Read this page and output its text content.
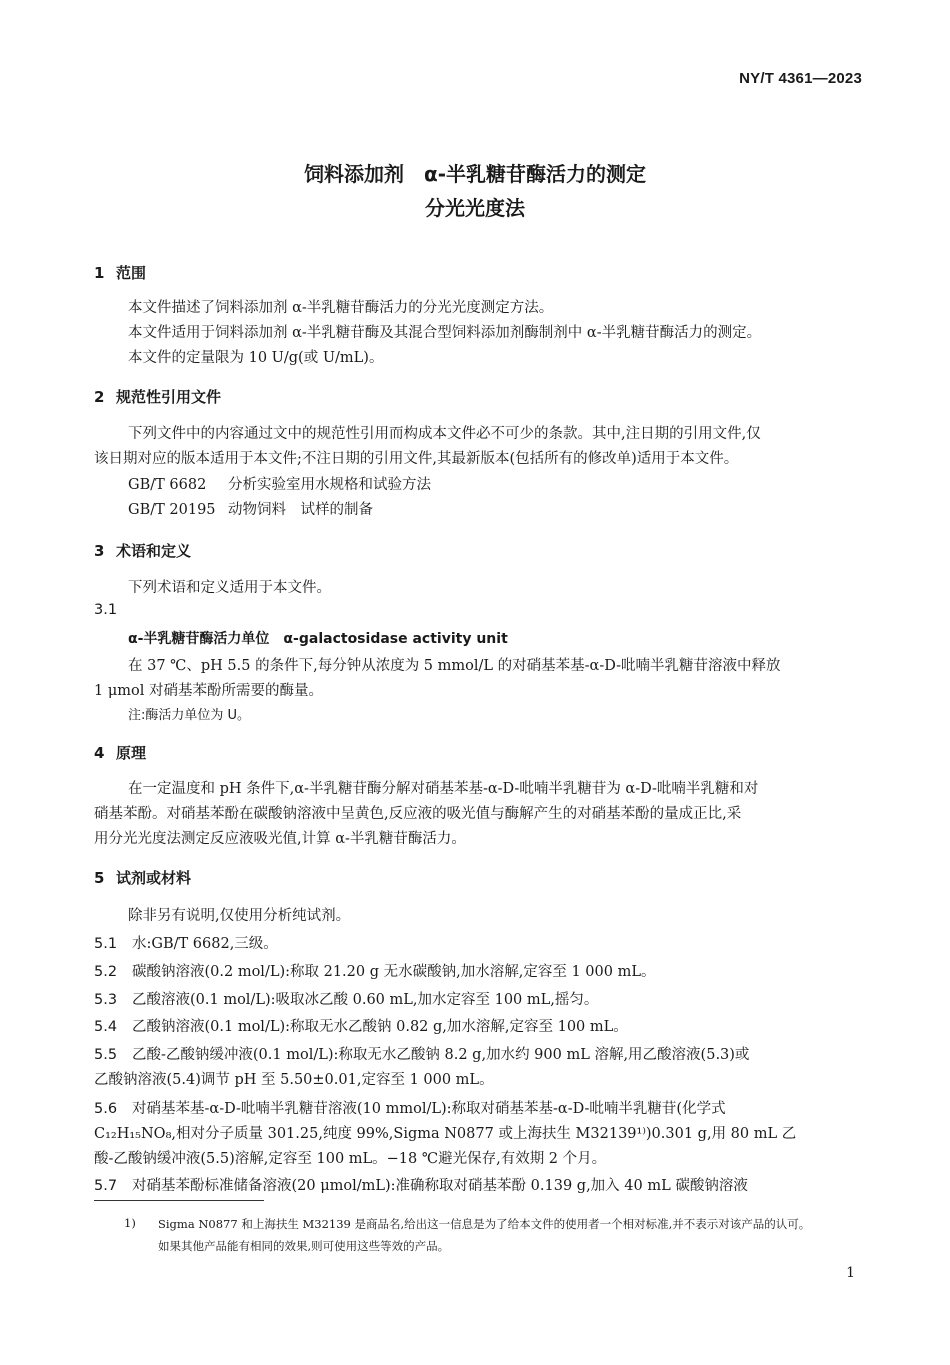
NY/T 4361—2023
饲料添加剂　α-半乳糖苷酶活力的测定
分光光度法
1 范围
本文件描述了饲料添加剂 α-半乳糖苷酶活力的分光光度测定方法。
本文件适用于饲料添加剂 α-半乳糖苷酶及其混合型饲料添加剂酶制剂中 α-半乳糖苷酶活力的测定。
本文件的定量限为 10 U/g(或 U/mL)。
2 规范性引用文件
下列文件中的内容通过文中的规范性引用而构成本文件必不可少的条款。其中,注日期的引用文件,仅
该日期对应的版本适用于本文件;不注日期的引用文件,其最新版本(包括所有的修改单)适用于本文件。
GB/T 6682 分析实验室用水规格和试验方法
GB/T 20195 动物饲料　试样的制备
3 术语和定义
下列术语和定义适用于本文件。
3.1
α-半乳糖苷酶活力单位　α-galactosidase activity unit
在 37 ℃、pH 5.5 的条件下,每分钟从浓度为 5 mmol/L 的对硝基苯基-α-D-吡喃半乳糖苷溶液中释放
1 μmol 对硝基苯酚所需要的酶量。
注:酶活力单位为 U。
4 原理
在一定温度和 pH 条件下,α-半乳糖苷酶分解对硝基苯基-α-D-吡喃半乳糖苷为 α-D-吡喃半乳糖和对
硝基苯酚。对硝基苯酚在碳酸钠溶液中呈黄色,反应液的吸光值与酶解产生的对硝基苯酚的量成正比,采
用分光光度法测定反应液吸光值,计算 α-半乳糖苷酶活力。
5 试剂或材料
除非另有说明,仅使用分析纯试剂。
5.1 水:GB/T 6682,三级。
5.2 碳酸钠溶液(0.2 mol/L):称取 21.20 g 无水碳酸钠,加水溶解,定容至 1 000 mL。
5.3 乙酸溶液(0.1 mol/L):吸取冰乙酸 0.60 mL,加水定容至 100 mL,摇匀。
5.4 乙酸钠溶液(0.1 mol/L):称取无水乙酸钠 0.82 g,加水溶解,定容至 100 mL。
5.5 乙酸-乙酸钠缓冲液(0.1 mol/L):称取无水乙酸钠 8.2 g,加水约 900 mL 溶解,用乙酸溶液(5.3)或
乙酸钠溶液(5.4)调节 pH 至 5.50±0.01,定容至 1 000 mL。
5.6 对硝基苯基-α-D-吡喃半乳糖苷溶液(10 mmol/L):称取对硝基苯基-α-D-吡喃半乳糖苷(化学式
C₁₂H₁₅NO₈,相对分子质量 301.25,纯度 99%,Sigma N0877 或上海扶生 M32139¹⁾)0.301 g,用 80 mL 乙
酸-乙酸钠缓冲液(5.5)溶解,定容至 100 mL。−18 ℃避光保存,有效期 2 个月。
5.7 对硝基苯酚标准储备溶液(20 μmol/mL):准确称取对硝基苯酚 0.139 g,加入 40 mL 碳酸钠溶液
1) Sigma N0877 和上海扶生 M32139 是商品名,给出这一信息是为了给本文件的使用者一个相对标准,并不表示对该产品的认可。
如果其他产品能有相同的效果,则可使用这些等效的产品。
1
